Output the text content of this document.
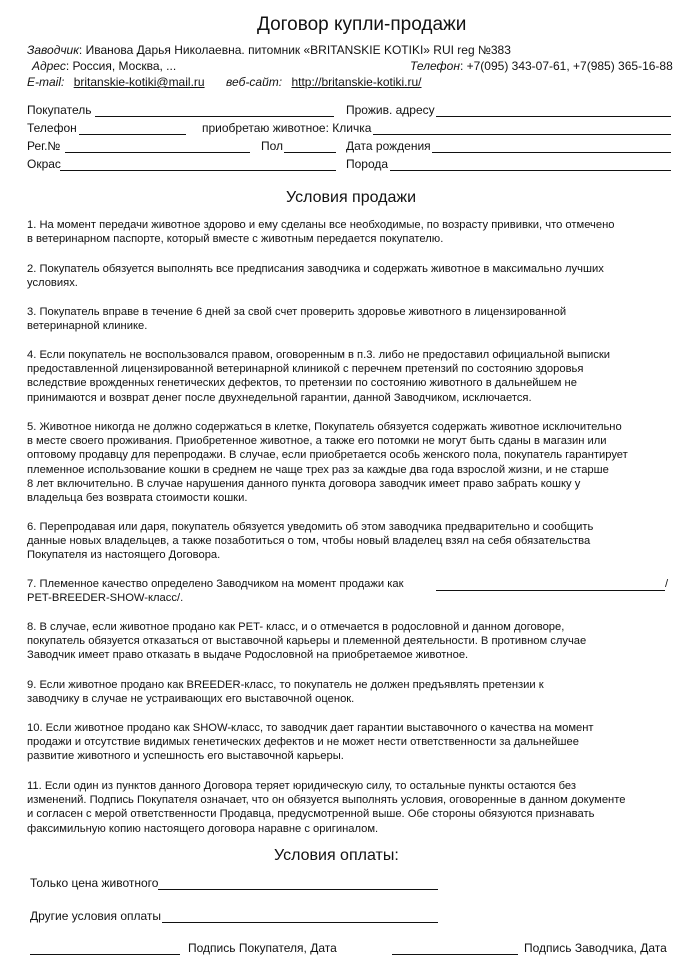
Договор купли-продажи
Заводчик: Иванова Дарья Николаевна. питомник «BRITANSKIE KOTIKI» RUI reg №383
Адрес: Россия, Москва, ...	Телефон: +7(095) 343-07-61, +7(985) 365-16-88
E-mail: britanskie-kotiki@mail.ru веб-сайт: http://britanskie-kotiki.ru/
Покупатель	Прожив. адресу
Телефон	приобретаю животное: Кличка
Рег.№	Пол	Дата рождения
Окрас	Порода
Условия продажи
1. На момент передачи животное здорово и ему сделаны все необходимые, по возрасту прививки, что отмечено
в ветеринарном паспорте, который вместе с животным передается покупателю.
2. Покупатель обязуется выполнять все предписания заводчика и содержать животное в максимально лучших
условиях.
3. Покупатель вправе в течение 6 дней за свой счет проверить здоровье животного в лицензированной
ветеринарной клинике.
4. Если покупатель не воспользовался правом, оговоренным в п.3. либо не предоставил официальной выписки
предоставленной лицензированной ветеринарной клиникой с перечнем претензий по состоянию здоровья
вследствие врожденных генетических дефектов, то претензии по состоянию животного в дальнейшем не
принимаются и возврат денег после двухнедельной гарантии, данной Заводчиком, исключается.
5. Животное никогда не должно содержаться в клетке, Покупатель обязуется содержать животное исключительно
в месте своего проживания. Приобретенное животное, а также его потомки не могут быть сданы в магазин или
оптовому продавцу для перепродажи. В случае, если приобретается особь женского пола, покупатель гарантирует
племенное использование кошки в среднем не чаще трех раз за каждые два года взрослой жизни, и не старше
8 лет включительно. В случае нарушения данного пункта договора заводчик имеет право забрать кошку у
владельца без возврата стоимости кошки.
6. Перепродавая или даря, покупатель обязуется уведомить об этом заводчика предварительно и сообщить
данные новых владельцев, а также позаботиться о том, чтобы новый владелец взял на себя обязательства
Покупателя из настоящего Договора.
7. Племенное качество определено Заводчиком на момент продажи как
PET-BREEDER-SHOW-класс/.
/
8. В случае, если животное продано как PET- класс, и о отмечается в родословной и данном договоре,
покупатель обязуется отказаться от выставочной карьеры и племенной деятельности. В противном случае
Заводчик имеет право отказать в выдаче Родословной на приобретаемое животное.
9. Если животное продано как BREEDER-класс, то покупатель не должен предъявлять претензии к
заводчику в случае не устраивающих его выставочной оценок.
10. Если животное продано как SHOW-класс, то заводчик дает гарантии выставочного о качества на момент
продажи и отсутствие видимых генетических дефектов и не может нести ответственности за дальнейшее
развитие животного и успешность его выставочной карьеры.
11. Если один из пунктов данного Договора теряет юридическую силу, то остальные пункты остаются без
изменений. Подпись Покупателя означает, что он обязуется выполнять условия, оговоренные в данном документе
и согласен с мерой ответственности Продавца, предусмотренной выше. Обе стороны обязуются признавать
факсимильную копию настоящего договора наравне с оригиналом.
Условия оплаты:
Только цена животного
Другие условия оплаты
Подпись Покупателя, Дата	Подпись Заводчика, Дата
